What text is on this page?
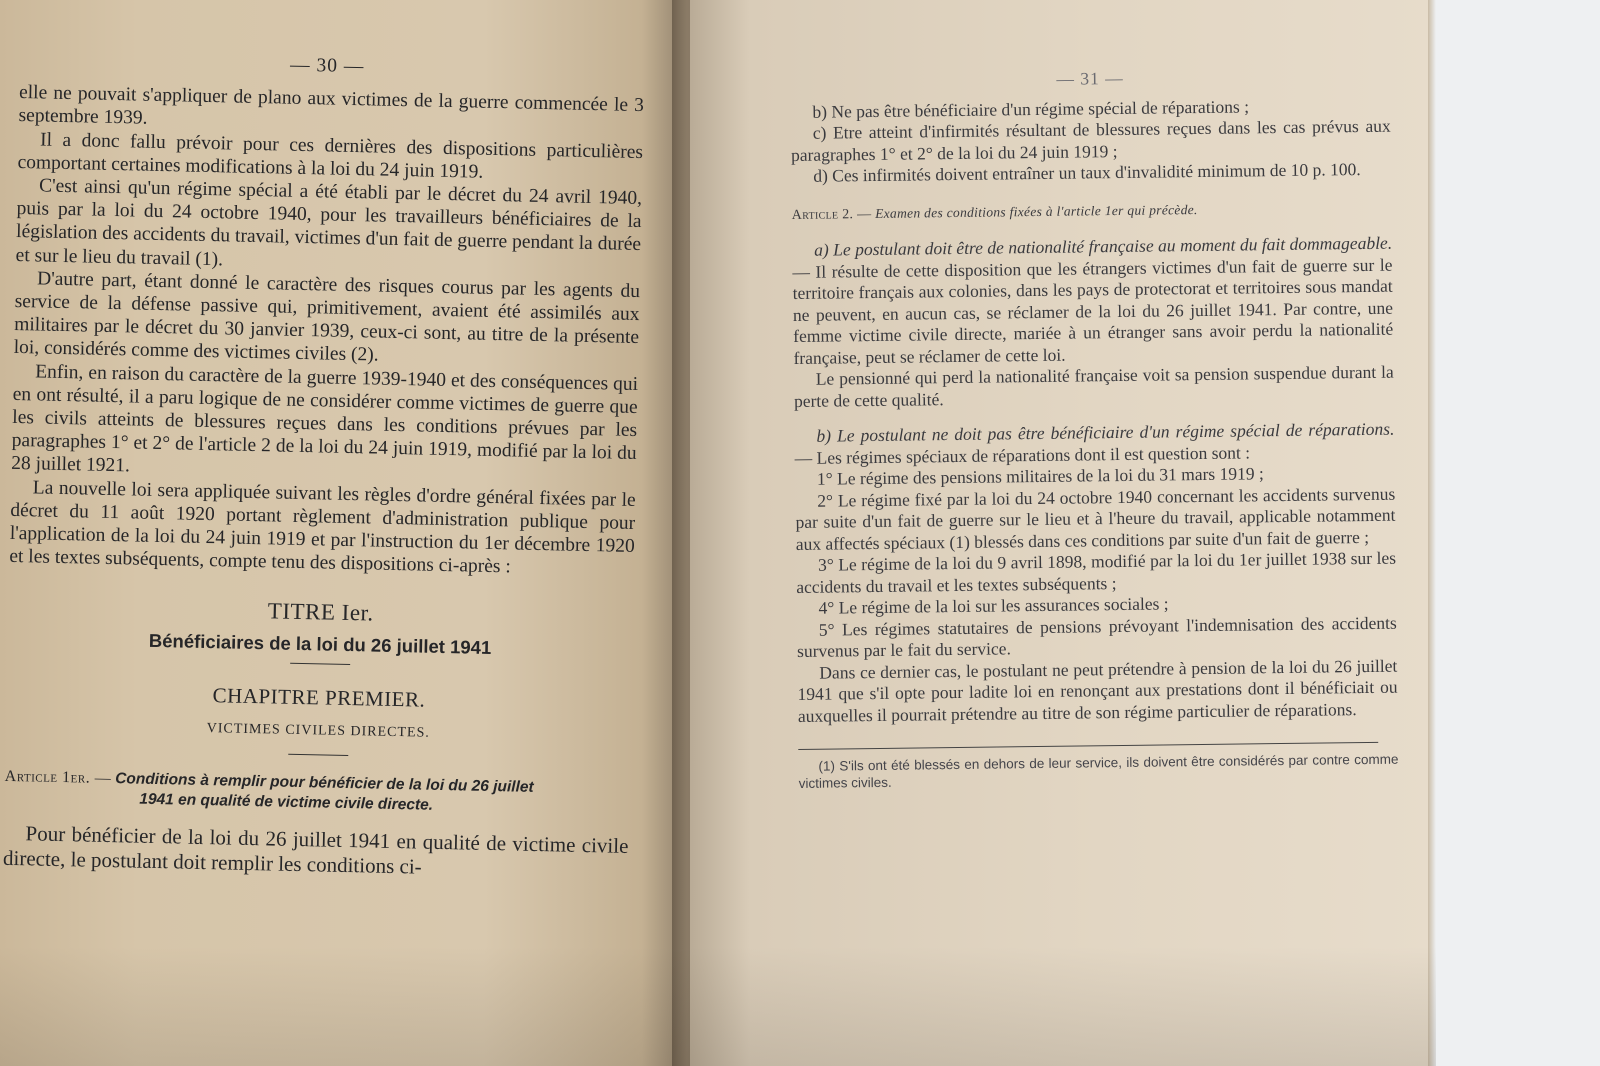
— 30 —

elle ne pouvait s'appliquer de plano aux victimes de la guerre commencée le 3 septembre 1939.

Il a donc fallu prévoir pour ces dernières des dispositions particulières comportant certaines modifications à la loi du 24 juin 1919.

C'est ainsi qu'un régime spécial a été établi par le décret du 24 avril 1940, puis par la loi du 24 octobre 1940, pour les travailleurs bénéficiaires de la législation des accidents du travail, victimes d'un fait de guerre pendant la durée et sur le lieu du travail (1).

D'autre part, étant donné le caractère des risques courus par les agents du service de la défense passive qui, primitivement, avaient été assimilés aux militaires par le décret du 30 janvier 1939, ceux-ci sont, au titre de la présente loi, considérés comme des victimes civiles (2).

Enfin, en raison du caractère de la guerre 1939-1940 et des conséquences qui en ont résulté, il a paru logique de ne considérer comme victimes de guerre que les civils atteints de blessures reçues dans les conditions prévues par les paragraphes 1° et 2° de l'article 2 de la loi du 24 juin 1919, modifié par la loi du 28 juillet 1921.

La nouvelle loi sera appliquée suivant les règles d'ordre général fixées par le décret du 11 août 1920 portant règlement d'administration publique pour l'application de la loi du 24 juin 1919 et par l'instruction du 1er décembre 1920 et les textes subséquents, compte tenu des dispositions ci-après :

TITRE Ier.
Bénéficiaires de la loi du 26 juillet 1941
CHAPITRE PREMIER.
VICTIMES CIVILES DIRECTES.
Article 1er. — Conditions à remplir pour bénéficier de la loi du 26 juillet
1941 en qualité de victime civile directe.

Pour bénéficier de la loi du 26 juillet 1941 en qualité de victime civile directe, le postulant doit remplir les conditions ci-

— 31 —

b) Ne pas être bénéficiaire d'un régime spécial de réparations ;

c) Etre atteint d'infirmités résultant de blessures reçues dans les cas prévus aux paragraphes 1° et 2° de la loi du 24 juin 1919 ;

d) Ces infirmités doivent entraîner un taux d'invalidité minimum de 10 p. 100.

Article 2. — Examen des conditions fixées à l'article 1er qui précède.

a) Le postulant doit être de nationalité française au moment du fait dommageable. — Il résulte de cette disposition que les étrangers victimes d'un fait de guerre sur le territoire français aux colonies, dans les pays de protectorat et territoires sous mandat ne peuvent, en aucun cas, se réclamer de la loi du 26 juillet 1941. Par contre, une femme victime civile directe, mariée à un étranger sans avoir perdu la nationalité française, peut se réclamer de cette loi.

Le pensionné qui perd la nationalité française voit sa pension suspendue durant la perte de cette qualité.

b) Le postulant ne doit pas être bénéficiaire d'un régime spécial de réparations. — Les régimes spéciaux de réparations dont il est question sont :

1° Le régime des pensions militaires de la loi du 31 mars 1919 ;

2° Le régime fixé par la loi du 24 octobre 1940 concernant les accidents survenus par suite d'un fait de guerre sur le lieu et à l'heure du travail, applicable notamment aux affectés spéciaux (1) blessés dans ces conditions par suite d'un fait de guerre ;

3° Le régime de la loi du 9 avril 1898, modifié par la loi du 1er juillet 1938 sur les accidents du travail et les textes subséquents ;

4° Le régime de la loi sur les assurances sociales ;

5° Les régimes statutaires de pensions prévoyant l'indemnisation des accidents survenus par le fait du service.

Dans ce dernier cas, le postulant ne peut prétendre à pension de la loi du 26 juillet 1941 que s'il opte pour ladite loi en renonçant aux prestations dont il bénéficiait ou auxquelles il pourrait prétendre au titre de son régime particulier de réparations.

(1) S'ils ont été blessés en dehors de leur service, ils doivent être considérés par contre comme victimes civiles.
